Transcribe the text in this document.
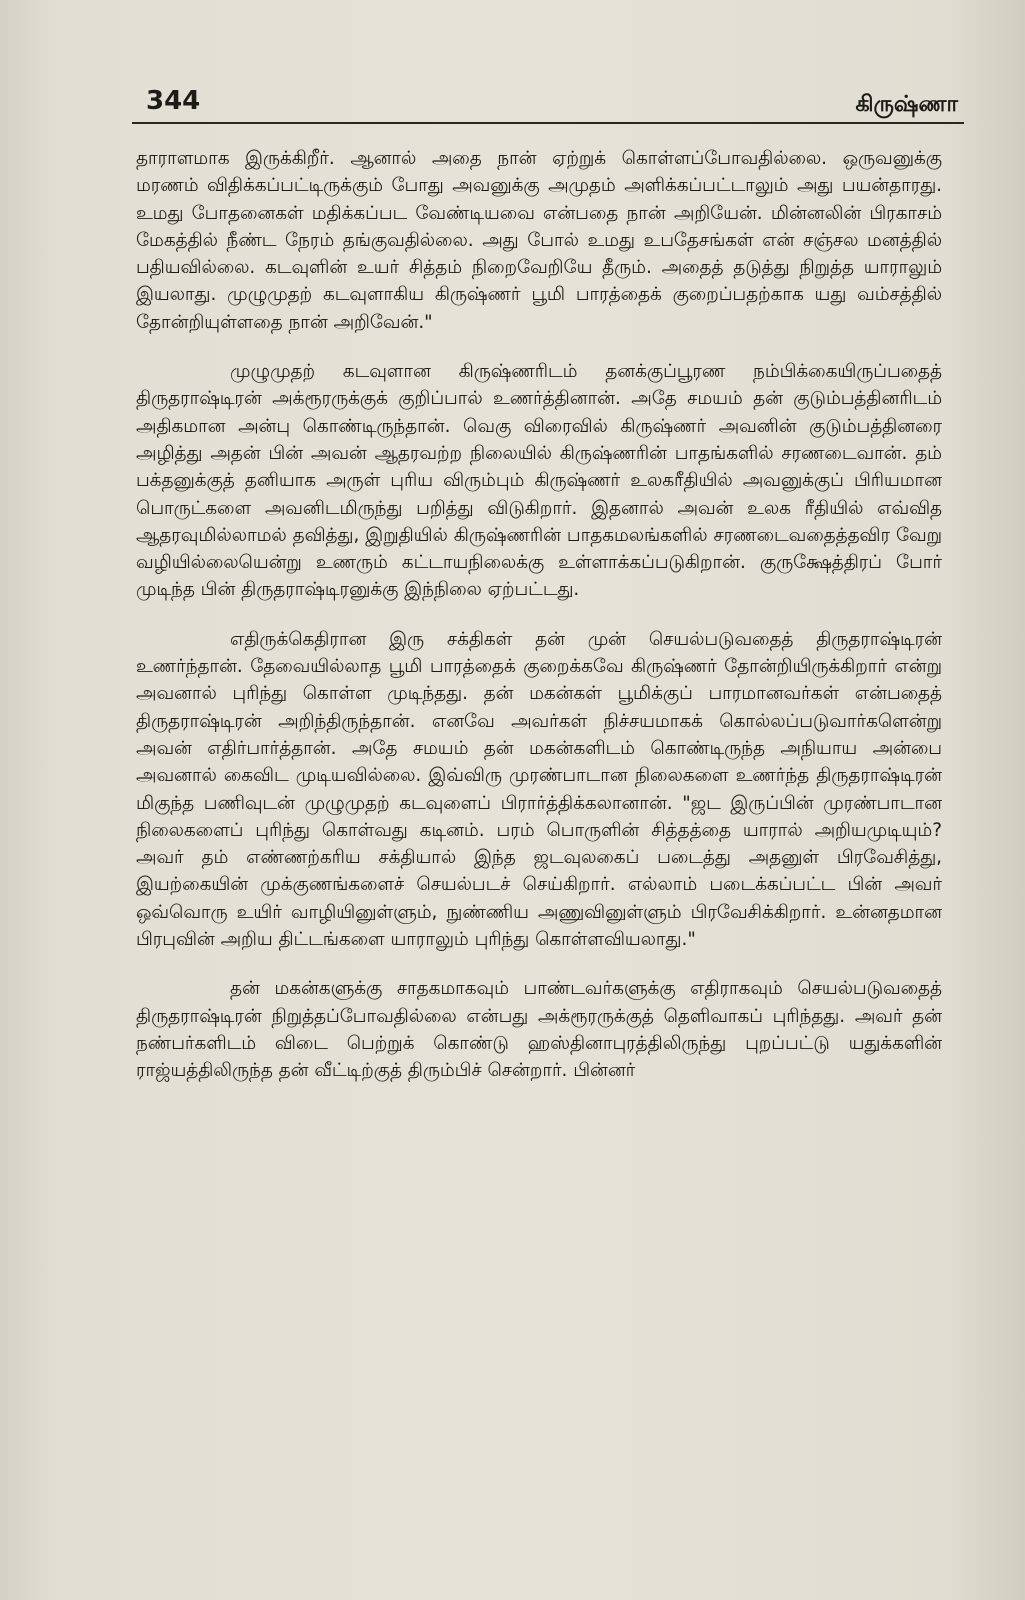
344	கிருஷ்ணா

தாராளமாக இருக்கிறீர். ஆனால் அதை நான் ஏற்றுக் கொள்ளப்போவதில்லை. ஒருவனுக்கு மரணம் விதிக்கப்பட்டிருக்கும் போது அவனுக்கு அமுதம் அளிக்கப்பட்டாலும் அது பயன்தாரது. உமது போதனைகள் மதிக்கப்பட வேண்டியவை என்பதை நான் அறியேன். மின்னலின் பிரகாசம் மேகத்தில் நீண்ட நேரம் தங்குவதில்லை. அது போல் உமது உபதேசங்கள் என் சஞ்சல மனத்தில் பதியவில்லை. கடவுளின் உயர் சித்தம் நிறைவேறியே தீரும். அதைத் தடுத்து நிறுத்த யாராலும் இயலாது. முழுமுதற் கடவுளாகிய கிருஷ்ணர் பூமி பாரத்தைக் குறைப்பதற்காக யது வம்சத்தில் தோன்றியுள்ளதை நான் அறிவேன்."

முழுமுதற் கடவுளான கிருஷ்ணரிடம் தனக்குப்பூரண நம்பிக்கையிருப்பதைத் திருதராஷ்டிரன் அக்ரூரருக்குக் குறிப்பால் உணர்த்தினான். அதே சமயம் தன் குடும்பத்தினரிடம் அதிகமான அன்பு கொண்டிருந்தான். வெகு விரைவில் கிருஷ்ணர் அவனின் குடும்பத்தினரை அழித்து அதன் பின் அவன் ஆதரவற்ற நிலையில் கிருஷ்ணரின் பாதங்களில் சரணடைவான். தம் பக்தனுக்குத் தனியாக அருள் புரிய விரும்பும் கிருஷ்ணர் உலகரீதியில் அவனுக்குப் பிரியமான பொருட்களை அவனிடமிருந்து பறித்து விடுகிறார். இதனால் அவன் உலக ரீதியில் எவ்வித ஆதரவுமில்லாமல் தவித்து, இறுதியில் கிருஷ்ணரின் பாதகமலங்களில் சரணடைவதைத்தவிர வேறு வழியில்லையென்று உணரும் கட்டாயநிலைக்கு உள்ளாக்கப்படுகிறான். குருக்ஷேத்திரப் போர் முடிந்த பின் திருதராஷ்டிரனுக்கு இந்நிலை ஏற்பட்டது.

எதிருக்கெதிரான இரு சக்திகள் தன் முன் செயல்படுவதைத் திருதராஷ்டிரன் உணர்ந்தான். தேவையில்லாத பூமி பாரத்தைக் குறைக்கவே கிருஷ்ணர் தோன்றியிருக்கிறார் என்று அவனால் புரிந்து கொள்ள முடிந்தது. தன் மகன்கள் பூமிக்குப் பாரமானவர்கள் என்பதைத் திருதராஷ்டிரன் அறிந்திருந்தான். எனவே அவர்கள் நிச்சயமாகக் கொல்லப்படுவார்களென்று அவன் எதிர்பார்த்தான். அதே சமயம் தன் மகன்களிடம் கொண்டிருந்த அநியாய அன்பை அவனால் கைவிட முடியவில்லை. இவ்விரு முரண்பாடான நிலைகளை உணர்ந்த திருதராஷ்டிரன் மிகுந்த பணிவுடன் முழுமுதற் கடவுளைப் பிரார்த்திக்கலானான். "ஜட இருப்பின் முரண்பாடான நிலைகளைப் புரிந்து கொள்வது கடினம். பரம் பொருளின் சித்தத்தை யாரால் அறியமுடியும்? அவர் தம் எண்ணற்கரிய சக்தியால் இந்த ஜடவுலகைப் படைத்து அதனுள் பிரவேசித்து, இயற்கையின் முக்குணங்களைச் செயல்படச் செய்கிறார். எல்லாம் படைக்கப்பட்ட பின் அவர் ஒவ்வொரு உயிர் வாழியினுள்ளும், நுண்ணிய அணுவினுள்ளும் பிரவேசிக்கிறார். உன்னதமான பிரபுவின் அறிய திட்டங்களை யாராலும் புரிந்து கொள்ளவியலாது."

தன் மகன்களுக்கு சாதகமாகவும் பாண்டவர்களுக்கு எதிராகவும் செயல்படுவதைத் திருதராஷ்டிரன் நிறுத்தப்போவதில்லை என்பது அக்ரூரருக்குத் தெளிவாகப் புரிந்தது. அவர் தன் நண்பர்களிடம் விடை பெற்றுக் கொண்டு ஹஸ்தினாபுரத்திலிருந்து புறப்பட்டு யதுக்களின் ராஜ்யத்திலிருந்த தன் வீட்டிற்குத் திரும்பிச் சென்றார். பின்னர்
